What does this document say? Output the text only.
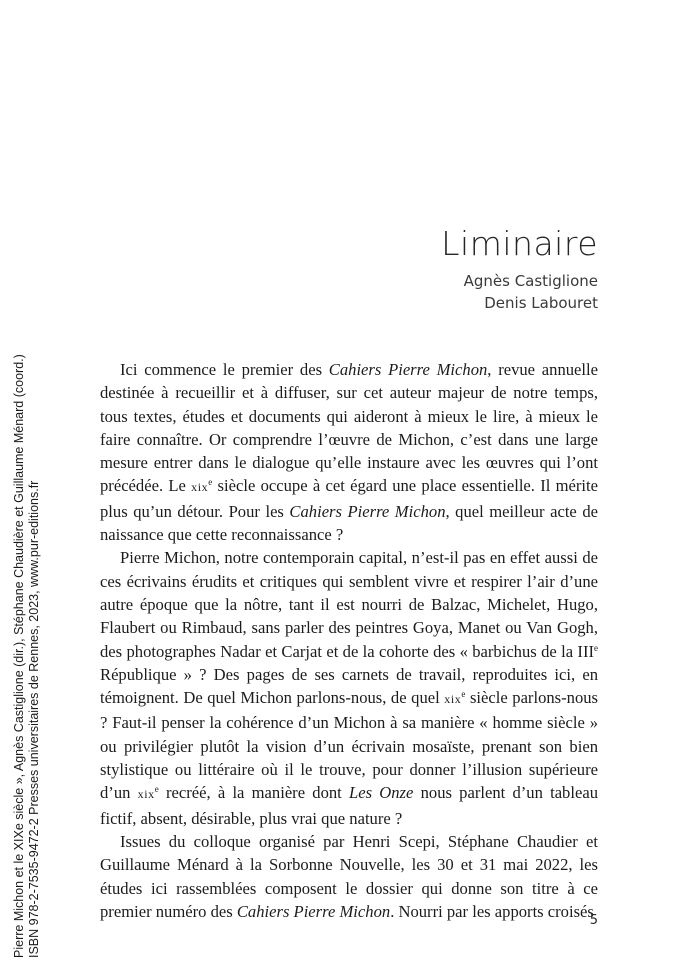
Liminaire
Agnès Castiglione
Denis Labouret

Ici commence le premier des Cahiers Pierre Michon, revue annuelle destinée à recueillir et à diffuser, sur cet auteur majeur de notre temps, tous textes, études et documents qui aideront à mieux le lire, à mieux le faire connaître. Or comprendre l’œuvre de Michon, c’est dans une large mesure entrer dans le dialogue qu’elle instaure avec les œuvres qui l’ont précédée. Le xix$^e$ siècle occupe à cet égard une place essentielle. Il mérite plus qu’un détour. Pour les Cahiers Pierre Michon, quel meilleur acte de naissance que cette reconnaissance ?

Pierre Michon, notre contemporain capital, n’est-il pas en effet aussi de ces écrivains érudits et critiques qui semblent vivre et respirer l’air d’une autre époque que la nôtre, tant il est nourri de Balzac, Michelet, Hugo, Flaubert ou Rimbaud, sans parler des peintres Goya, Manet ou Van Gogh, des photographes Nadar et Carjat et de la cohorte des « barbichus de la IIIe République » ? Des pages de ses carnets de travail, reproduites ici, en témoignent. De quel Michon parlons-nous, de quel xix$^e$ siècle parlons-nous ? Faut-il penser la cohérence d’un Michon à sa manière « homme siècle » ou privilégier plutôt la vision d’un écrivain mosaïste, prenant son bien stylistique ou littéraire où il le trouve, pour donner l’illusion supérieure d’un xix$^e$ recréé, à la manière dont Les Onze nous parlent d’un tableau fictif, absent, désirable, plus vrai que nature ?

Issues du colloque organisé par Henri Scepi, Stéphane Chaudier et Guillaume Ménard à la Sorbonne Nouvelle, les 30 et 31 mai 2022, les études ici rassemblées composent le dossier qui donne son titre à ce premier numéro des Cahiers Pierre Michon. Nourri par les apports croisés

Pierre Michon et le XIXe siècle », Agnès Castiglione (dir.), Stéphane Chaudière et Guillaume Ménard (coord.) ISBN 978-2-7535-9472-2 Presses universitaires de Rennes, 2023, www.pur-editions.fr	5
